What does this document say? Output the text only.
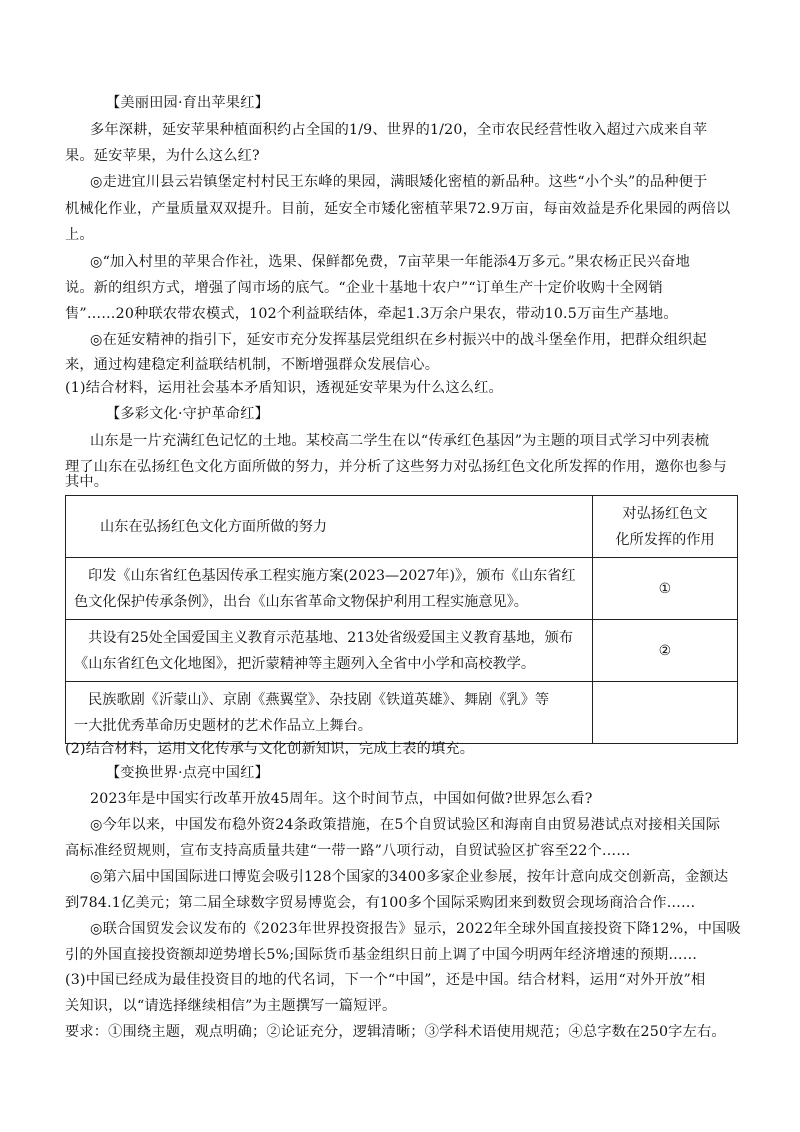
【美丽田园·育出苹果红】
多年深耕，延安苹果种植面积约占全国的1/9、世界的1/20，全市农民经营性收入超过六成来自苹
果。延安苹果，为什么这么红?
◎走进宜川县云岩镇堡定村村民王东峰的果园，满眼矮化密植的新品种。这些“小个头”的品种便于
机械化作业，产量质量双双提升。目前，延安全市矮化密植苹果72.9万亩，每亩效益是乔化果园的两倍以
上。
◎“加入村里的苹果合作社，选果、保鲜都免费，7亩苹果一年能添4万多元。”果农杨正民兴奋地
说。新的组织方式，增强了闯市场的底气。“企业十基地十农户”“订单生产十定价收购十全网销
售”……20种联农带农模式，102个利益联结体，牵起1.3万余户果农，带动10.5万亩生产基地。
◎在延安精神的指引下，延安市充分发挥基层党组织在乡村振兴中的战斗堡垒作用，把群众组织起
来，通过构建稳定利益联结机制，不断增强群众发展信心。
(1)结合材料，运用社会基本矛盾知识，透视延安苹果为什么这么红。
【多彩文化·守护革命红】
山东是一片充满红色记忆的土地。某校高二学生在以“传承红色基因”为主题的项目式学习中列表梳
理了山东在弘扬红色文化方面所做的努力，并分析了这些努力对弘扬红色文化所发挥的作用，邀你也参与
其中。
山东在弘扬红色文化方面所做的努力	对弘扬红色文
化所发挥的作用

印发《山东省红色基因传承工程实施方案(2023—2027年)》，颁布《山东省红
色文化保护传承条例》，出台《山东省革命文物保护利用工程实施意见》。	①

共设有25处全国爱国主义教育示范基地、213处省级爱国主义教育基地，颁布
《山东省红色文化地图》，把沂蒙精神等主题列入全省中小学和高校教学。	②

民族歌剧《沂蒙山》、京剧《燕翼堂》、杂技剧《铁道英雄》、舞剧《乳》等
一大批优秀革命历史题材的艺术作品立上舞台。	

(2)结合材料，运用文化传承与文化创新知识，完成上表的填充。
【变换世界·点亮中国红】
2023年是中国实行改革开放45周年。这个时间节点，中国如何做?世界怎么看?
◎今年以来，中国发布稳外资24条政策措施，在5个自贸试验区和海南自由贸易港试点对接相关国际
高标准经贸规则，宣布支持高质量共建“一带一路”八项行动，自贸试验区扩容至22个……
◎第六届中国国际进口博览会吸引128个国家的3400多家企业参展，按年计意向成交创新高，金额达
到784.1亿美元；第二届全球数字贸易博览会，有100多个国际采购团来到数贸会现场商洽合作……
◎联合国贸发会议发布的《2023年世界投资报告》显示，2022年全球外国直接投资下降12%，中国吸
引的外国直接投资额却逆势增长5%;国际货币基金组织日前上调了中国今明两年经济增速的预期……
(3)中国已经成为最佳投资目的地的代名词，下一个“中国”，还是中国。结合材料，运用“对外开放”相
关知识，以“请选择继续相信”为主题撰写一篇短评。
要求：①围绕主题，观点明确；②论证充分，逻辑清晰；③学科术语使用规范；④总字数在250字左右。
